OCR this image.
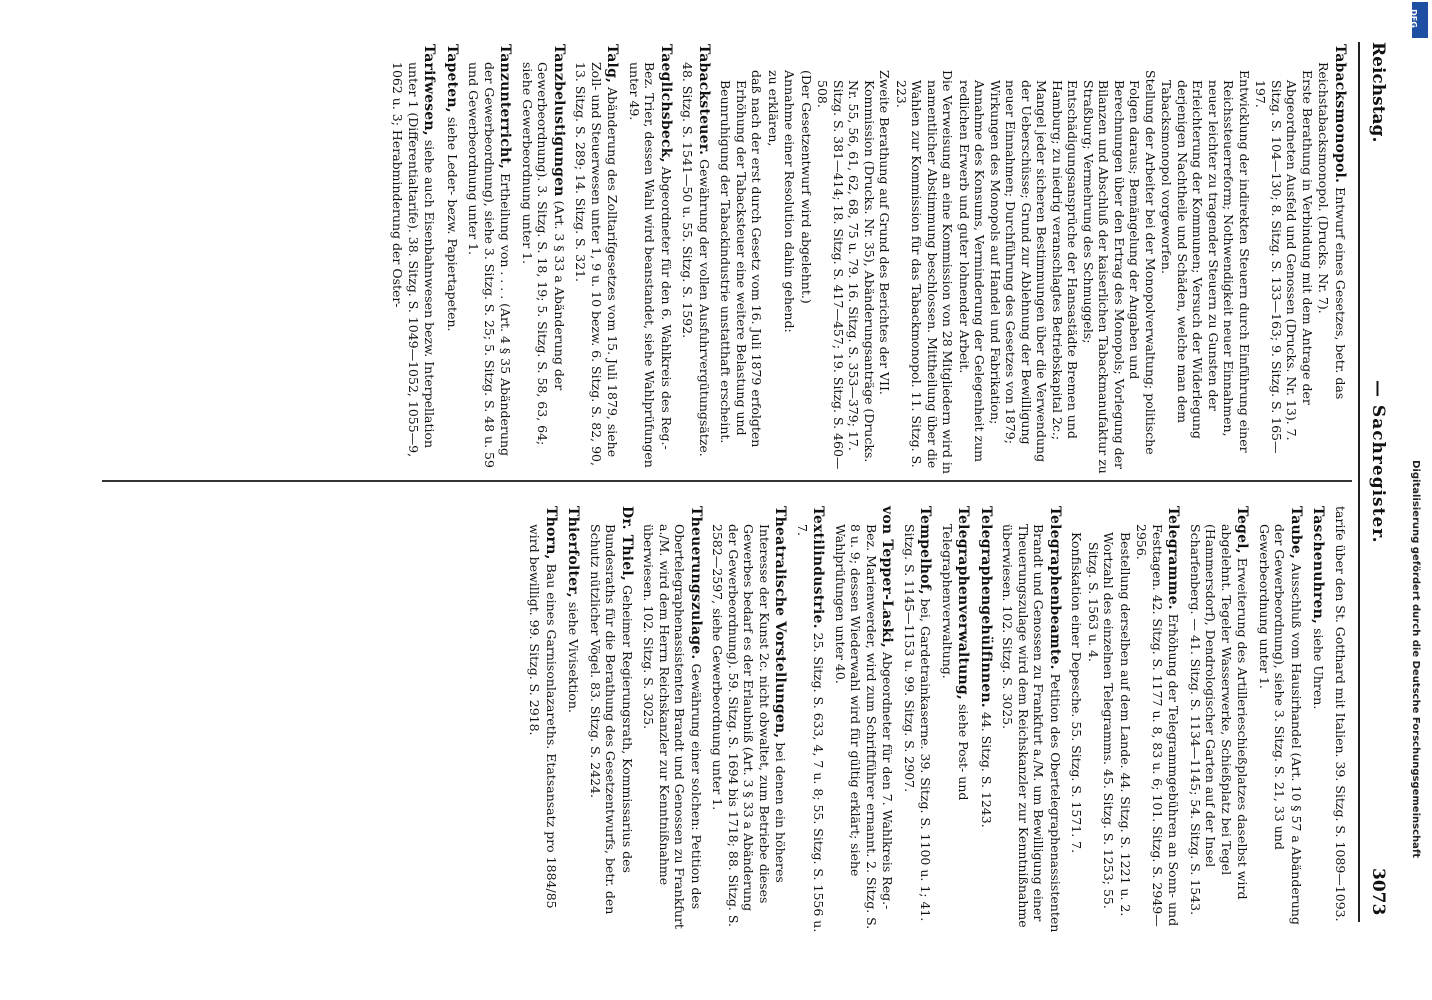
Reichstag.
— Sachregister.
3073
Tabacksmonopol. Entwurf eines Gesetzes, betr. das Reichstabacksmonopol. (Drucks. Nr. 7).
Erste Berathung in Verbindung mit dem Antrage der Abgeordneten Ausfeld und Genossen (Drucks. Nr. 13). 7. Sitzg. S. 104—130; 8. Sitzg. S. 133—163; 9. Sitzg. S. 165—197.
Entwicklung der indirekten Steuern durch Einführung einer Reichssteuerreform; Nothwendigkeit neuer Einnahmen, neuer leichter zu tragender Steuern zu Gunsten der Erleichterung der Kommunen; Versuch der Widerlegung derjenigen Nachtheile und Schäden, welche man dem Tabacksmonopol vorgeworfen.
Stellung der Arbeiter bei der Monopolverwaltung; politische Folgen daraus; Bemängelung der Angaben und Berechnungen über den Ertrag des Monopols; Vorlegung der Bilanzen und Abschluß der kaiserlichen Tabackmanufaktur zu Straßburg; Vermehrung des Schmuggels; Entschädigungsansprüche der Hansastädte Bremen und Hamburg; zu niedrig veranschlagtes Betriebskapital 2c.; Mangel jeder sicheren Bestimmungen über die Verwendung der Ueberschüsse; Grund zur Ablehnung der Bewilligung neuer Einnahmen; Durchführung des Gesetzes von 1879; Wirkungen des Monopols auf Handel und Fabrikation; Annahme des Konsums, Verminderung der Gelegenheit zum redlichen Erwerb und guter lohnender Arbeit.
Die Verweisung an eine Kommission von 28 Mitgliedern wird in namentlicher Abstimmung beschlossen. Mittheilung über die Wahlen zur Kommission für das Tabackmonopol. 11. Sitzg. S. 223.
Zweite Berathung auf Grund des Berichtes der VII. Kommission (Drucks. Nr. 35), Abänderungsanträge (Drucks. Nr. 55, 56, 61, 62, 68, 75 u. 79. 16. Sitzg. S. 353—379; 17. Sitzg. S. 381—414; 18. Sitzg. S. 417—457; 19. Sitzg. S. 460—508.
(Der Gesetzentwurf wird abgelehnt.)
Annahme einer Resolution dahin gehend:
zu erklären,
daß nach der erst durch Gesetz vom 16. Juli 1879 erfolgten Erhöhung der Tabacksteuer eine weitere Belastung und Beunruhigung der Tabackindustrie unstatthaft erscheint.
Tabacksteuer. Gewährung der vollen Ausfuhrvergütungsätze. 48. Sitzg. S. 1541—50 u. 55. Sitzg. S. 1592.
Taeglichsbeck, Abgeordneter für den 6. Wahlkreis des Reg.-Bez. Trier, dessen Wahl wird beanstandet, siehe Wahlprüfungen unter 49.
Talg, Abänderung des Zolltarifgesetzes vom 15. Juli 1879, siehe Zoll- und Steuerwesen unter 1, 9 u. 10 bezw. 6. Sitzg. S. 82, 90, 13. Sitzg. S. 289; 14. Sitzg. S. 321.
Tanzbelustigungen (Art. 3 § 33 a Abänderung der Gewerbeordnung). 3. Sitzg. S. 18, 19; 5. Sitzg. S. 58, 63, 64; siehe Gewerbeordnung unter 1.
Tanzunterricht, Ertheilung von . . . . (Art. 4 § 35 Abänderung der Gewerbeordnung), siehe 3. Sitzg. S. 25; 5. Sitzg. S. 48 u. 59 und Gewerbeordnung unter 1.
Tapeten, siehe Leder- bezw. Papiertapeten.
Tarifwesen, siehe auch Eisenbahnwesen bezw. Interpellation unter 1 (Differentialtarife). 38. Sitzg. S. 1049—1052, 1055—9, 1062 u. 3; Herabminderung der Oster-
tarife über den St. Gotthard mit Italien. 39. Sitzg. S. 1089—1093.
Taschenuhren, siehe Uhren.
Taube, Ausschluß vom Hausirhandel (Art. 10 § 57 a Abänderung der Gewerbeordnung), siehe 3. Sitzg. S. 21, 33 und Gewerbeordnung unter 1.
Tegel, Erweiterung des Artillerieschießplatzes daselbst wird abgelehnt. Tegeler Wasserwerke, Schießplatz bei Tegel (Hammersdorf), Dendrologischer Garten auf der Insel Scharfenberg. — 41. Sitzg. S. 1134—1145; 54. Sitzg. S. 1543.
Telegramme. Erhöhung der Telegrammgebühren an Sonn- und Festtagen. 42. Sitzg. S. 1177 u. 8, 83 u. 6; 101. Sitzg. S. 2949—2956.
Bestellung derselben auf dem Lande. 44. Sitzg. S. 1221 u. 2.
Wortzahl des einzelnen Telegramms. 45. Sitzg. S. 1253; 55. Sitzg. S. 1563 u. 4.
Konfiskation einer Depesche. 55. Sitzg. S. 1571. 7.
Telegraphenbeamte. Petition des Obertelegraphenassistenten Brandt und Genossen zu Frankfurt a./M. um Bewilligung einer Theuerungszulage wird dem Reichskanzler zur Kenntnißnahme überwiesen. 102. Sitzg. S. 3025.
Telegraphengehülfinnen. 44. Sitzg. S. 1243.
Telegraphenverwaltung, siehe Post- und Telegraphenverwaltung.
Tempelhof, bei, Gardetrainkaserne. 39. Sitzg. S. 1100 u. 1; 41. Sitzg. S. 1145—1153 u. 99. Sitzg. S. 2907.
von Tepper-Laski, Abgeordneter für den 7. Wahlkreis Reg.-Bez. Marienwerder, wird zum Schriftführer ernannt. 2. Sitzg. S. 8 u. 9; dessen Wiederwahl wird für gültig erklärt; siehe Wahlprüfungen unter 40.
Textilindustrie. 25. Sitzg. S. 633, 4, 7 u. 8; 55. Sitzg. S. 1556 u. 7.
Theatralische Vorstellungen, bei denen ein höheres Interesse der Kunst 2c. nicht obwaltet, zum Betriebe dieses Gewerbes bedarf es der Erlaubniß (Art. 3 § 33 a Abänderung der Gewerbeordnung). 59. Sitzg. S. 1694 bis 1718; 88. Sitzg. S. 2582—2597, siehe Gewerbeordnung unter 1.
Theuerungszulage. Gewährung einer solchen: Petition des Obertelegraphenassistenten Brandt und Genossen zu Frankfurt a./M. wird dem Herrn Reichskanzler zur Kenntnißnahme überwiesen. 102. Sitzg. S. 3025.
Dr. Thiel, Geheimer Regierungsrath, Kommissarius des Bundesraths für die Berathung des Gesetzentwurfs, betr. den Schutz nützlicher Vögel. 83. Sitzg. S. 2424.
Thierfolter, siehe Vivisektion.
Thorn, Bau eines Garnisonlazareths. Etatsansatz pro 1884/85 wird bewilligt. 99. Sitzg. S. 2918.	Digitalisierung gefördert durch die Deutsche Forschungsgemeinschaft
DFG
